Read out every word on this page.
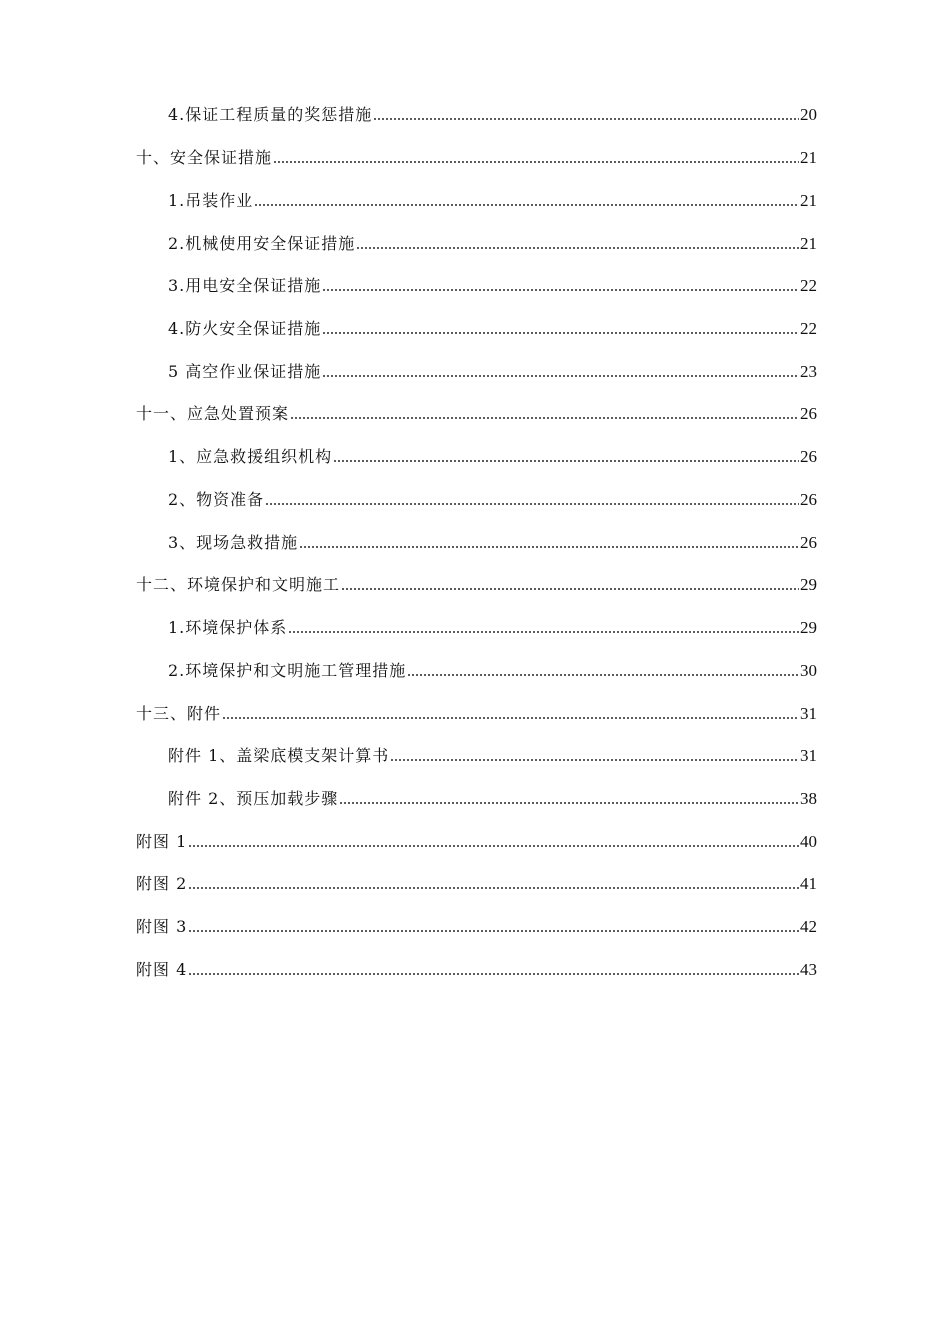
4.保证工程质量的奖惩措施	20
十、安全保证措施	21
1.吊装作业	21
2.机械使用安全保证措施	21
3.用电安全保证措施	22
4.防火安全保证措施	22
5 高空作业保证措施	23
十一、应急处置预案	26
1、应急救援组织机构	26
2、物资准备	26
3、现场急救措施	26
十二、环境保护和文明施工	29
1.环境保护体系	29
2.环境保护和文明施工管理措施	30
十三、附件	31
附件 1、盖梁底模支架计算书	31
附件 2、预压加载步骤	38
附图 1	40
附图 2	41
附图 3	42
附图 4	43
